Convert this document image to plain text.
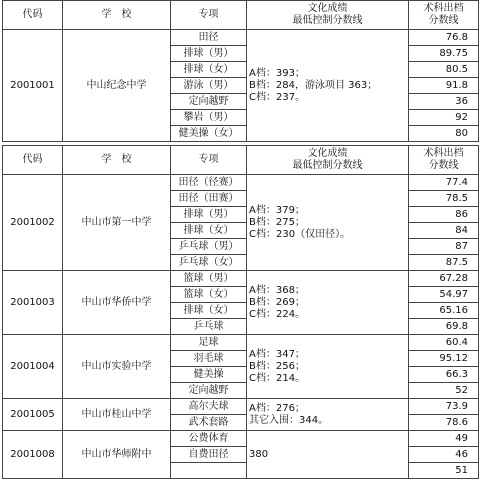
代码	学　校	专项	文化成绩
最低控制分数线	术科出档
分数线
2001001	中山纪念中学	田径	A档：393；
B档：284，游泳项目 363；
C档：237。	76.8
		排球（男）		89.75
		排球（女）		80.5
		游泳（男）		91.8
		定向越野		36
		攀岩（男）		92
		健美操（女）		80

代码	学　校	专项	文化成绩
最低控制分数线	术科出档
分数线
2001002	中山市第一中学	田径（径赛）	A档：379；
B档：275；
C档：230（仅田径）。	77.4
		田径（田赛）		78.5
		排球（男）		86
		排球（女）		84
		乒乓球（男）		87
		乒乓球（女）		87.5
2001003	中山市华侨中学	篮球（男）	A档：368；
B档：269；
C档：224。	67.28
		篮球（女）		54.97
		排球（女）		65.16
		乒乓球		69.8
2001004	中山市实验中学	足球	A档：347；
B档：256；
C档：214。	60.4
		羽毛球		95.12
		健美操		66.3
		定向越野		52
2001005	中山市桂山中学	高尔夫球	A档：276；
其它入围：344。	73.9
		武术套路		78.6
2001008	中山市华师附中	公费体育	380	49
		自费田径		46
				51
